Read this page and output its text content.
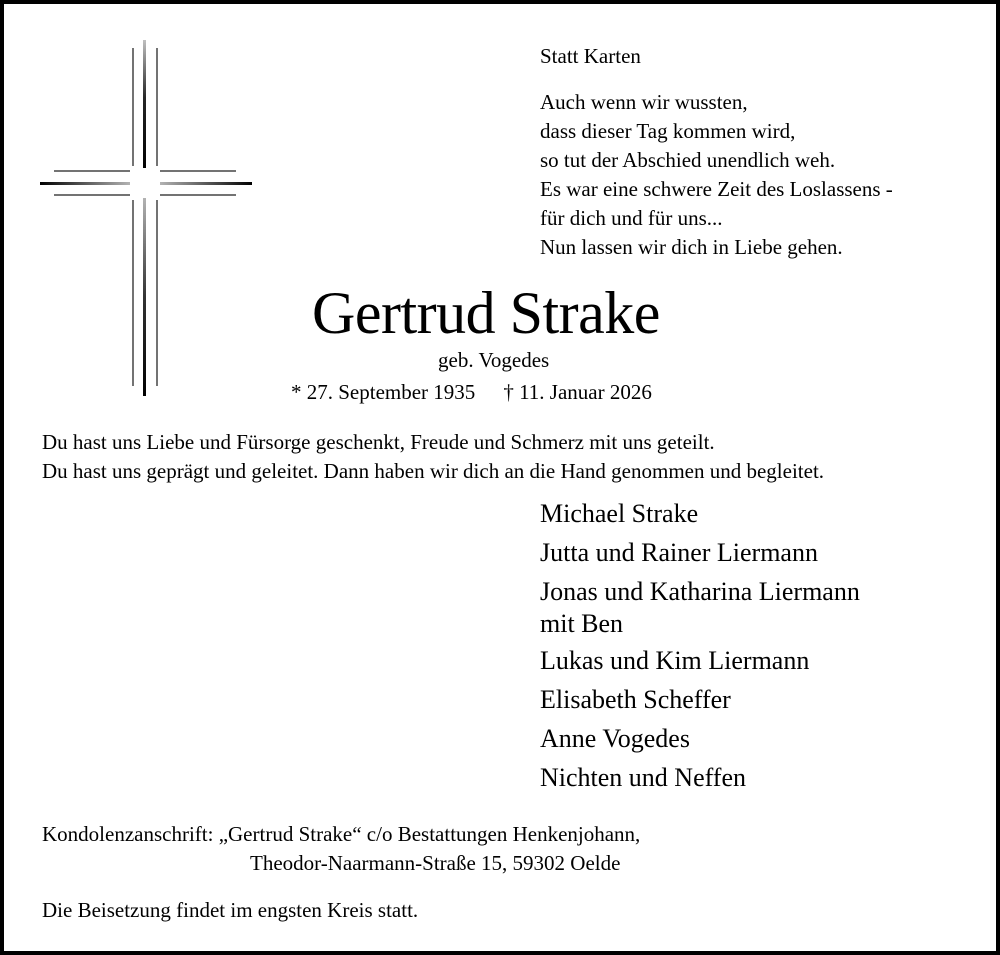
Statt Karten
Auch wenn wir wussten,
dass dieser Tag kommen wird,
so tut der Abschied unendlich weh.
Es war eine schwere Zeit des Loslassens -
für dich und für uns...
Nun lassen wir dich in Liebe gehen.
Gertrud Strake
geb. Vogedes
* 27. September 1935 † 11. Januar 2026
Du hast uns Liebe und Fürsorge geschenkt, Freude und Schmerz mit uns geteilt.
Du hast uns geprägt und geleitet. Dann haben wir dich an die Hand genommen und begleitet.
Michael Strake
Jutta und Rainer Liermann
Jonas und Katharina Liermann
mit Ben
Lukas und Kim Liermann
Elisabeth Scheffer
Anne Vogedes
Nichten und Neffen
Kondolenzanschrift: „Gertrud Strake“ c/o Bestattungen Henkenjohann,
Theodor-Naarmann-Straße 15, 59302 Oelde
Die Beisetzung findet im engsten Kreis statt.
